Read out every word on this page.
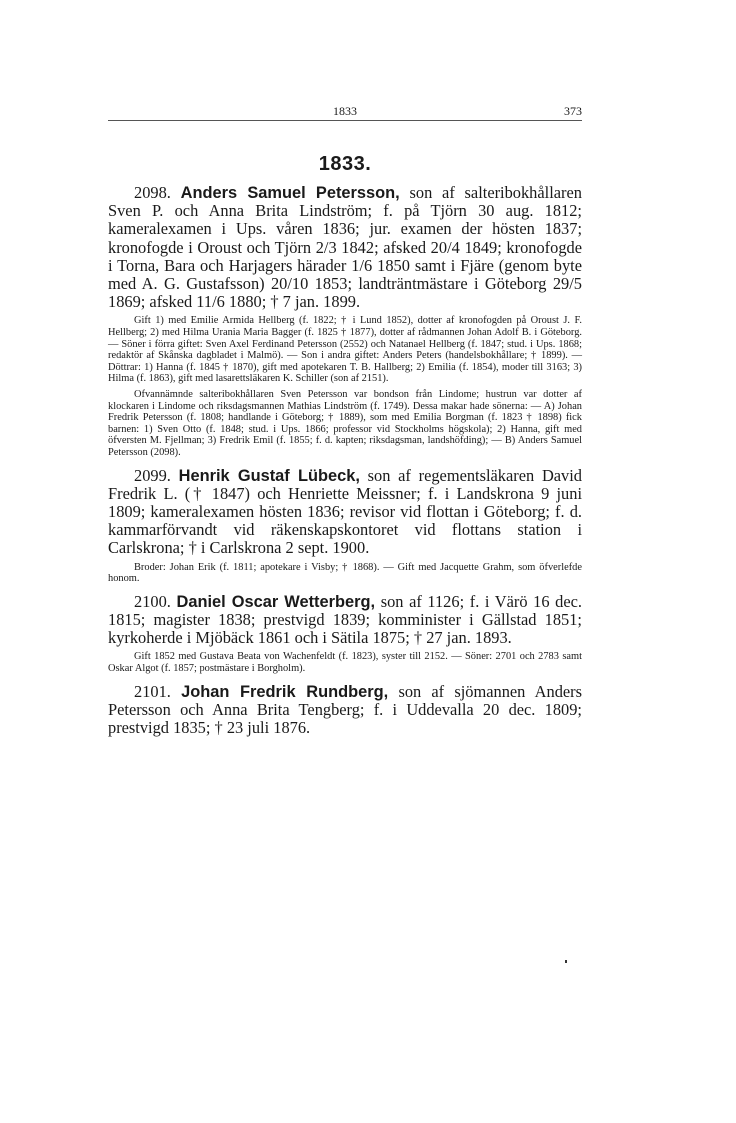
1833	373
1833.

2098. Anders Samuel Petersson, son af salteribokhållaren Sven P. och Anna Brita Lindström; f. på Tjörn 30 aug. 1812; kameralexamen i Ups. våren 1836; jur. examen der hösten 1837; kronofogde i Oroust och Tjörn 2/3 1842; afsked 20/4 1849; kronofogde i Torna, Bara och Harjagers härader 1/6 1850 samt i Fjäre (genom byte med A. G. Gustafsson) 20/10 1853; landträntmästare i Göteborg 29/5 1869; afsked 11/6 1880; † 7 jan. 1899.

Gift 1) med Emilie Armida Hellberg (f. 1822; † i Lund 1852), dotter af kronofogden på Oroust J. F. Hellberg; 2) med Hilma Urania Maria Bagger (f. 1825 † 1877), dotter af rådmannen Johan Adolf B. i Göteborg. — Söner i förra giftet: Sven Axel Ferdinand Petersson (2552) och Natanael Hellberg (f. 1847; stud. i Ups. 1868; redaktör af Skånska dagbladet i Malmö). — Son i andra giftet: Anders Peters (handelsbokhållare; † 1899). — Döttrar: 1) Hanna (f. 1845 † 1870), gift med apotekaren T. B. Hallberg; 2) Emilia (f. 1854), moder till 3163; 3) Hilma (f. 1863), gift med lasarettsläkaren K. Schiller (son af 2151).

Ofvannämnde salteribokhållaren Sven Petersson var bondson från Lindome; hustrun var dotter af klockaren i Lindome och riksdagsmannen Mathias Lindström (f. 1749). Dessa makar hade sönerna: — A) Johan Fredrik Petersson (f. 1808; handlande i Göteborg; † 1889), som med Emilia Borgman (f. 1823 † 1898) fick barnen: 1) Sven Otto (f. 1848; stud. i Ups. 1866; professor vid Stockholms högskola); 2) Hanna, gift med öfversten M. Fjellman; 3) Fredrik Emil (f. 1855; f. d. kapten; riksdagsman, landshöfding); — B) Anders Samuel Petersson (2098).

2099. Henrik Gustaf Lübeck, son af regementsläkaren David Fredrik L. († 1847) och Henriette Meissner; f. i Landskrona 9 juni 1809; kameralexamen hösten 1836; revisor vid flottan i Göteborg; f. d. kammarförvandt vid räkenskapskontoret vid flottans station i Carlskrona; † i Carlskrona 2 sept. 1900.

Broder: Johan Erik (f. 1811; apotekare i Visby; † 1868). — Gift med Jacquette Grahm, som öfverlefde honom.

2100. Daniel Oscar Wetterberg, son af 1126; f. i Värö 16 dec. 1815; magister 1838; prestvigd 1839; komminister i Gällstad 1851; kyrkoherde i Mjöbäck 1861 och i Sätila 1875; † 27 jan. 1893.

Gift 1852 med Gustava Beata von Wachenfeldt (f. 1823), syster till 2152. — Söner: 2701 och 2783 samt Oskar Algot (f. 1857; postmästare i Borgholm).

2101. Johan Fredrik Rundberg, son af sjömannen Anders Petersson och Anna Brita Tengberg; f. i Uddevalla 20 dec. 1809; prestvigd 1835; † 23 juli 1876.
